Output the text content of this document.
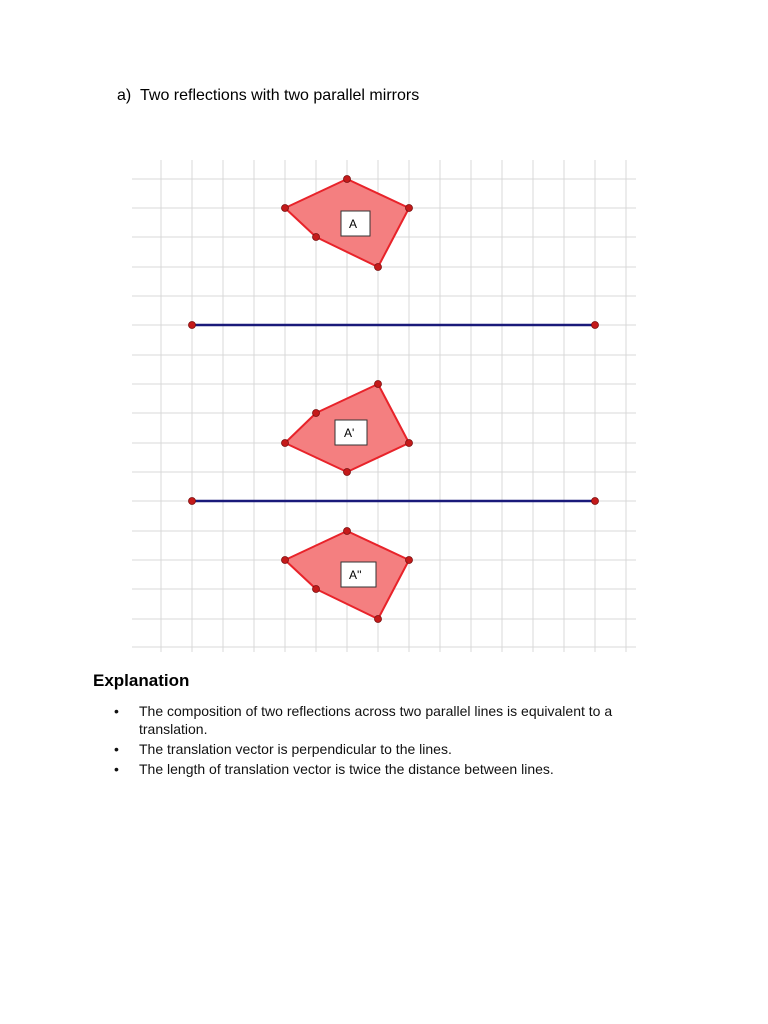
a) Two reflections with two parallel mirrors
A
A'
A''
Explanation
• The composition of two reflections across two parallel lines is equivalent to a translation.
• The translation vector is perpendicular to the lines.
• The length of translation vector is twice the distance between lines.
